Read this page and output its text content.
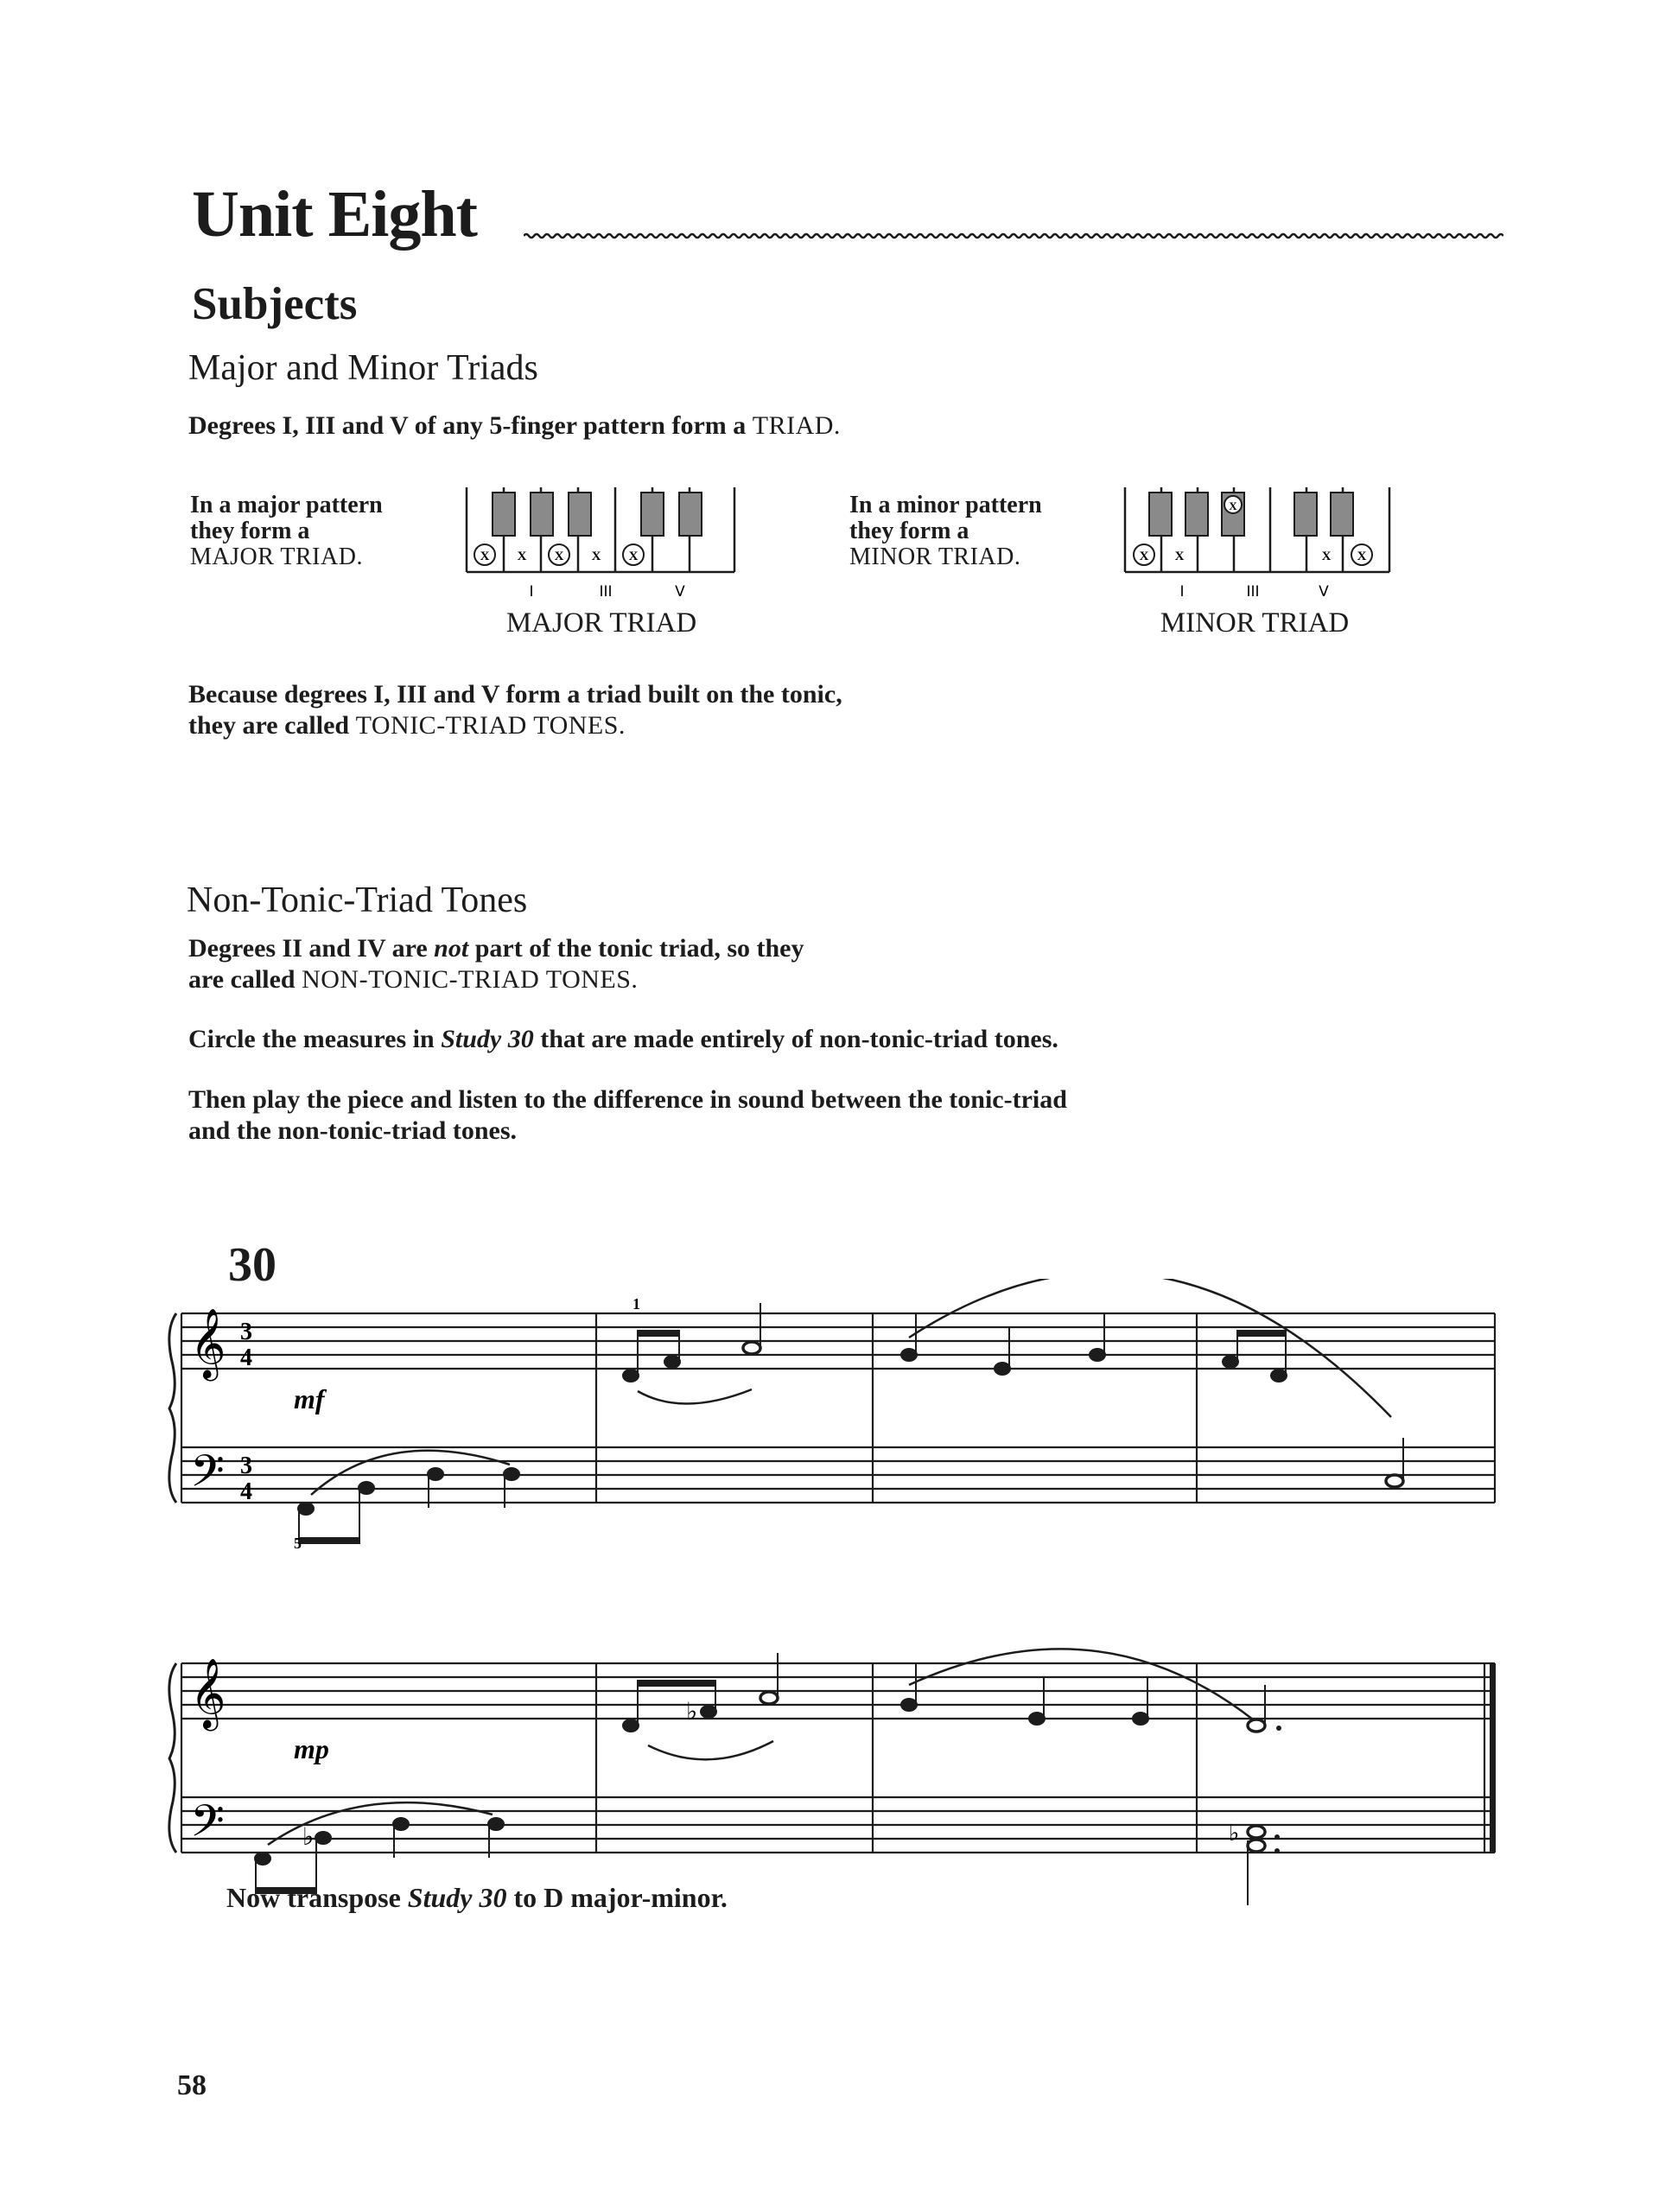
Unit Eight
Subjects
Major and Minor Triads
Degrees I, III and V of any 5-finger pattern form a TRIAD.
In a major pattern
they form a
MAJOR TRIAD.
In a minor pattern
they form a
MINOR TRIAD.
X X X X X
I	III	V
MAJOR TRIAD
X
X X	X X
I	III	V
MINOR TRIAD
Because degrees I, III and V form a triad built on the tonic,
they are called TONIC-TRIAD TONES.
Non-Tonic-Triad Tones
Degrees II and IV are not part of the tonic triad, so they
are called NON-TONIC-TRIAD TONES.
Circle the measures in Study 30 that are made entirely of non-tonic-triad tones.
Then play the piece and listen to the difference in sound between the tonic-triad
and the non-tonic-triad tones.
30
𝄞
𝄢
3
4
3
4
mf
5
1
𝄞
𝄢
mp
♭
♭
♭
Now transpose Study 30 to D major-minor.
58
